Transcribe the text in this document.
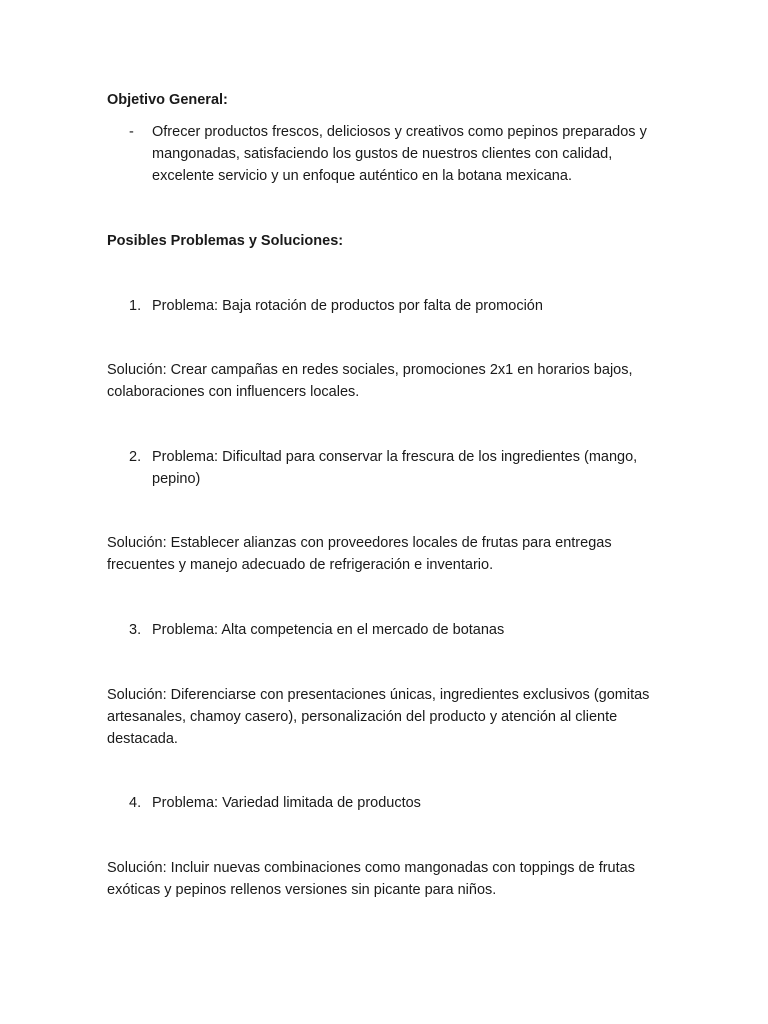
Objetivo General:

-	Ofrecer productos frescos, deliciosos y creativos como pepinos preparados y mangonadas, satisfaciendo los gustos de nuestros clientes con calidad, excelente servicio y un enfoque auténtico en la botana mexicana.

Posibles Problemas y Soluciones:

1. Problema: Baja rotación de productos por falta de promoción

Solución: Crear campañas en redes sociales, promociones 2x1 en horarios bajos, colaboraciones con influencers locales.

2. Problema: Dificultad para conservar la frescura de los ingredientes (mango, pepino)

Solución: Establecer alianzas con proveedores locales de frutas para entregas frecuentes y manejo adecuado de refrigeración e inventario.

3. Problema: Alta competencia en el mercado de botanas

Solución: Diferenciarse con presentaciones únicas, ingredientes exclusivos (gomitas artesanales, chamoy casero), personalización del producto y atención al cliente destacada.

4. Problema: Variedad limitada de productos

Solución: Incluir nuevas combinaciones como mangonadas con toppings de frutas exóticas y pepinos rellenos versiones sin picante para niños.
